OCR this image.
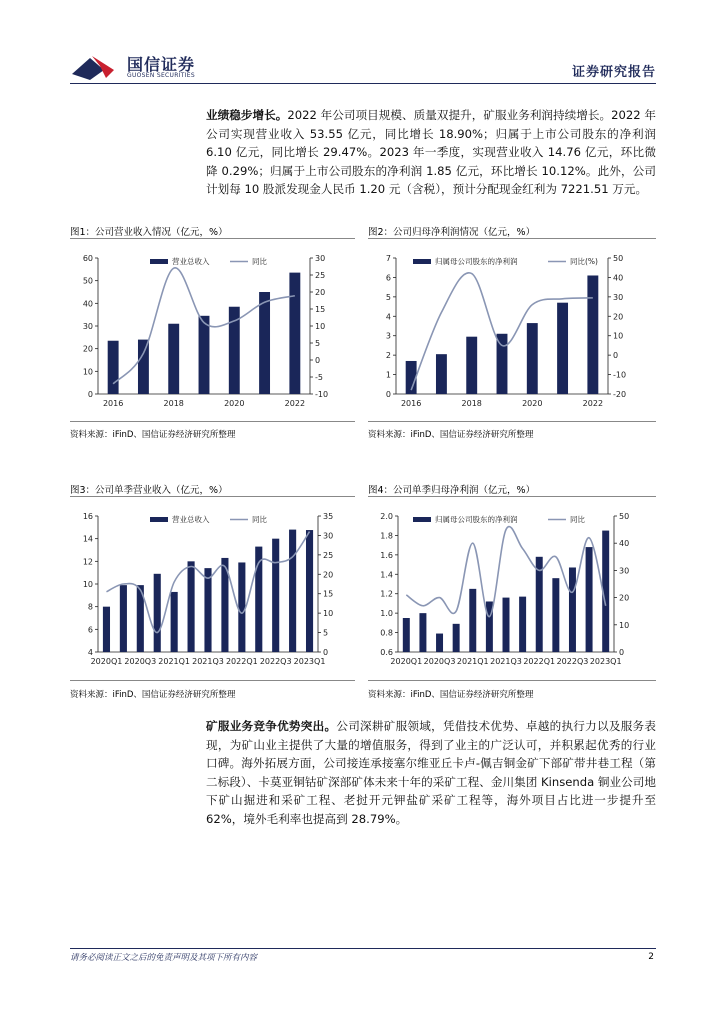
国信证券
GUOSEN SECURITIES	证券研究报告
业绩稳步增长。2022 年公司项目规模、质量双提升，矿服业务利润持续增长。2022 年公司实现营业收入 53.55 亿元，同比增长 18.90%；归属于上市公司股东的净利润 6.10 亿元，同比增长 29.47%。2023 年一季度，实现营业收入 14.76 亿元，环比微降 0.29%；归属于上市公司股东的净利润 1.85 亿元，环比增长 10.12%。此外，公司计划每 10 股派发现金人民币 1.20 元（含税），预计分配现金红利为 7221.51 万元。
图1：公司营业收入情况（亿元，%）	图2：公司归母净利润情况（亿元，%）
0
10
20
30
40
50
60
-10
-5
0
5
10
15
20
25
30
2016	2018	2020	2022
营业总收入	同比
0
1
2
3
4
5
6
7
-20
-10
0
10
20
30
40
50
2016	2018	2020	2022
归属母公司股东的净利润	同比(%)
资料来源：iFinD、国信证券经济研究所整理	资料来源：iFinD、国信证券经济研究所整理
图3：公司单季营业收入（亿元，%）	图4：公司单季归母净利润（亿元，%）
4
6
8
10
12
14
16
0
5
10
15
20
25
30
35
2020Q1 2020Q3 2021Q1 2021Q3 2022Q1 2022Q3 2023Q1
营业总收入	同比
0.6
0.8
1.0
1.2
1.4
1.6
1.8
2.0
0
10
20
30
40
50
2020Q1 2020Q3 2021Q1 2021Q3 2022Q1 2022Q3 2023Q1
归属母公司股东的净利润	同比
资料来源：iFinD、国信证券经济研究所整理	资料来源：iFinD、国信证券经济研究所整理
矿服业务竞争优势突出。公司深耕矿服领域，凭借技术优势、卓越的执行力以及服务表现，为矿山业主提供了大量的增值服务，得到了业主的广泛认可，并积累起优秀的行业口碑。海外拓展方面，公司接连承接塞尔维亚丘卡卢-佩吉铜金矿下部矿带井巷工程（第二标段）、卡莫亚铜钴矿深部矿体未来十年的采矿工程、金川集团 Kinsenda 铜业公司地下矿山掘进和采矿工程、老挝开元钾盐矿采矿工程等，海外项目占比进一步提升至 62%，境外毛利率也提高到 28.79%。
请务必阅读正文之后的免责声明及其项下所有内容	2
